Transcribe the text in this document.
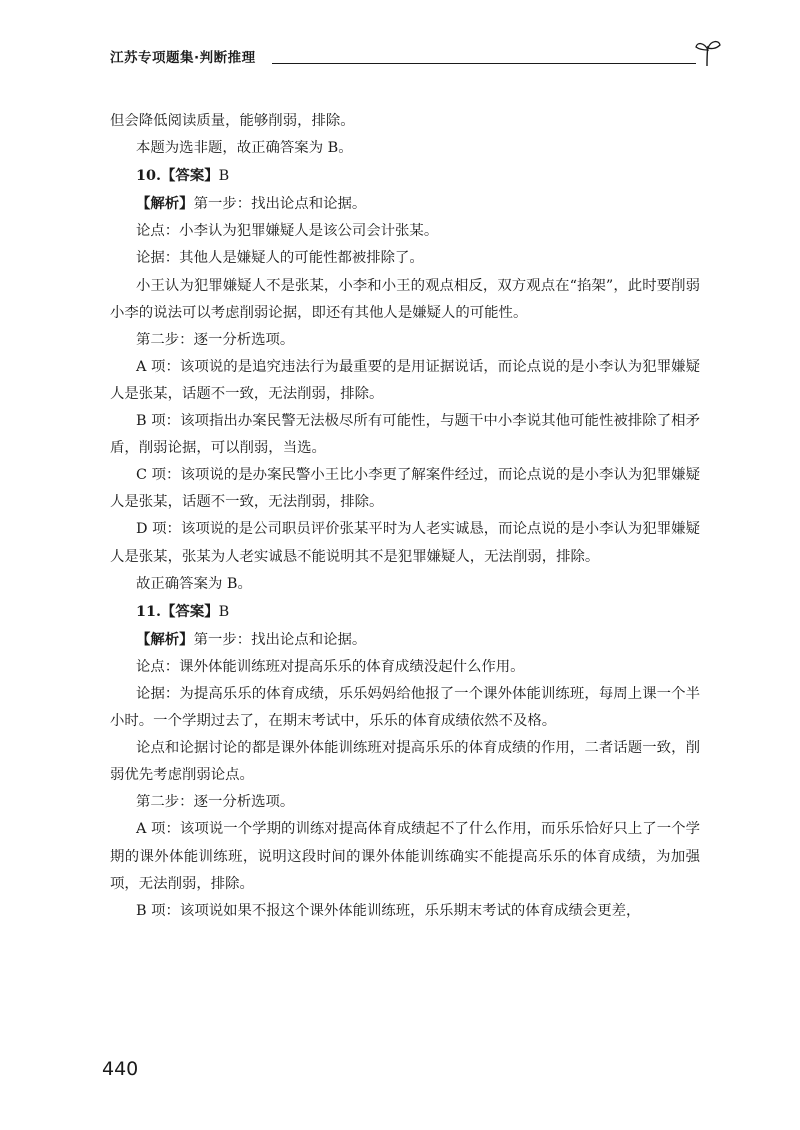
江苏专项题集·判断推理

但会降低阅读质量，能够削弱，排除。

本题为选非题，故正确答案为 B。

10.【答案】B

【解析】第一步：找出论点和论据。

论点：小李认为犯罪嫌疑人是该公司会计张某。

论据：其他人是嫌疑人的可能性都被排除了。

小王认为犯罪嫌疑人不是张某，小李和小王的观点相反，双方观点在“掐架”，此时要削弱小李的说法可以考虑削弱论据，即还有其他人是嫌疑人的可能性。

第二步：逐一分析选项。

A 项：该项说的是追究违法行为最重要的是用证据说话，而论点说的是小李认为犯罪嫌疑人是张某，话题不一致，无法削弱，排除。

B 项：该项指出办案民警无法极尽所有可能性，与题干中小李说其他可能性被排除了相矛盾，削弱论据，可以削弱，当选。

C 项：该项说的是办案民警小王比小李更了解案件经过，而论点说的是小李认为犯罪嫌疑人是张某，话题不一致，无法削弱，排除。

D 项：该项说的是公司职员评价张某平时为人老实诚恳，而论点说的是小李认为犯罪嫌疑人是张某，张某为人老实诚恳不能说明其不是犯罪嫌疑人，无法削弱，排除。

故正确答案为 B。

11.【答案】B

【解析】第一步：找出论点和论据。

论点：课外体能训练班对提高乐乐的体育成绩没起什么作用。

论据：为提高乐乐的体育成绩，乐乐妈妈给他报了一个课外体能训练班，每周上课一个半小时。一个学期过去了，在期末考试中，乐乐的体育成绩依然不及格。

论点和论据讨论的都是课外体能训练班对提高乐乐的体育成绩的作用，二者话题一致，削弱优先考虑削弱论点。

第二步：逐一分析选项。

A 项：该项说一个学期的训练对提高体育成绩起不了什么作用，而乐乐恰好只上了一个学期的课外体能训练班，说明这段时间的课外体能训练确实不能提高乐乐的体育成绩，为加强项，无法削弱，排除。

B 项：该项说如果不报这个课外体能训练班，乐乐期末考试的体育成绩会更差，

440
